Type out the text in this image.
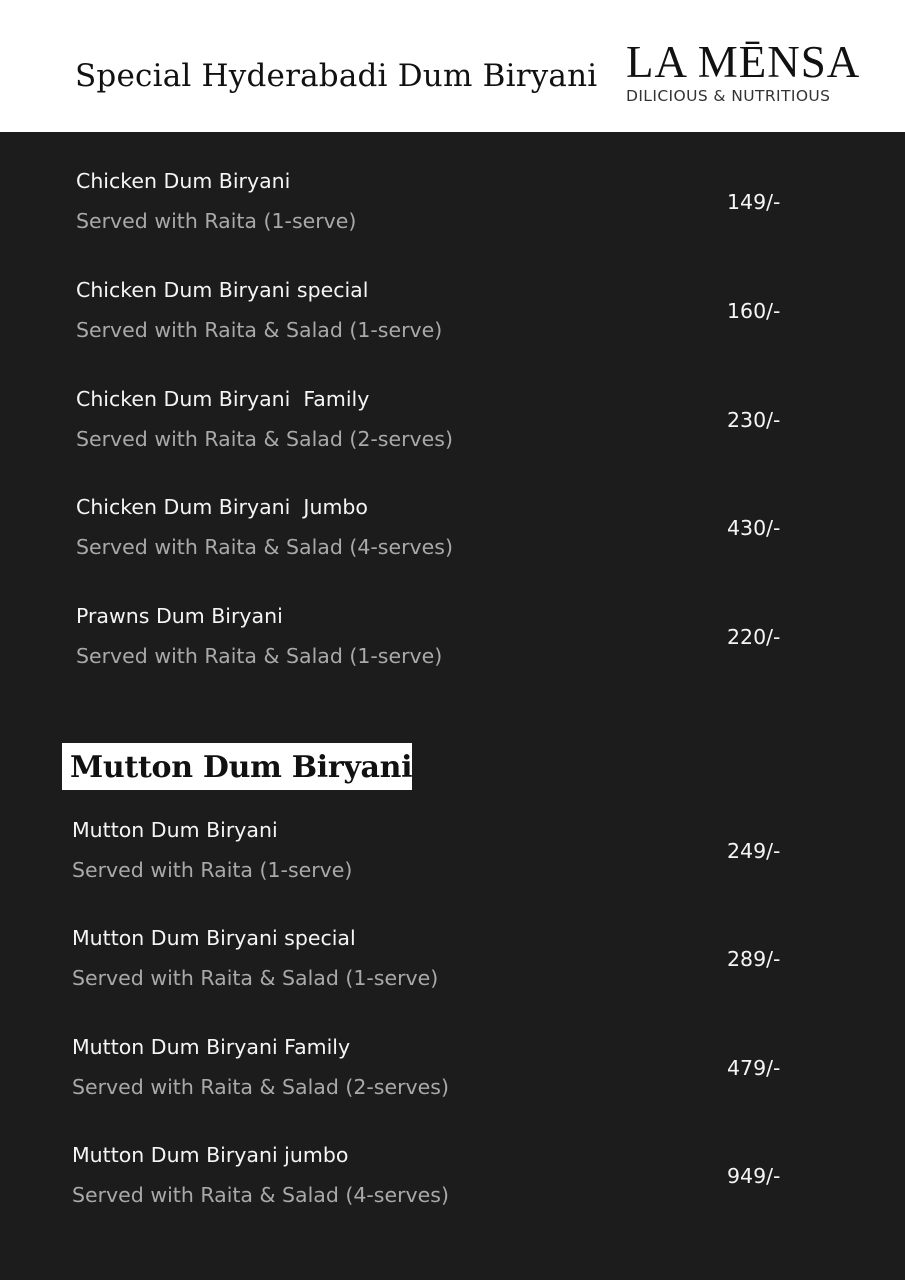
Special Hyderabadi Dum Biryani LA MĒNSA
DILICIOUS & NUTRITIOUS
Chicken Dum Biryani
Served with Raita (1-serve)
149/-
Chicken Dum Biryani special
Served with Raita & Salad (1-serve)
160/-
Chicken Dum Biryani  Family
Served with Raita & Salad (2-serves)
230/-
Chicken Dum Biryani  Jumbo
Served with Raita & Salad (4-serves)
430/-
Prawns Dum Biryani
Served with Raita & Salad (1-serve)
220/-
Mutton Dum Biryani
Mutton Dum Biryani
Served with Raita (1-serve)
249/-
Mutton Dum Biryani special
Served with Raita & Salad (1-serve)
289/-
Mutton Dum Biryani Family
Served with Raita & Salad (2-serves)
479/-
Mutton Dum Biryani jumbo
Served with Raita & Salad (4-serves)
949/-
